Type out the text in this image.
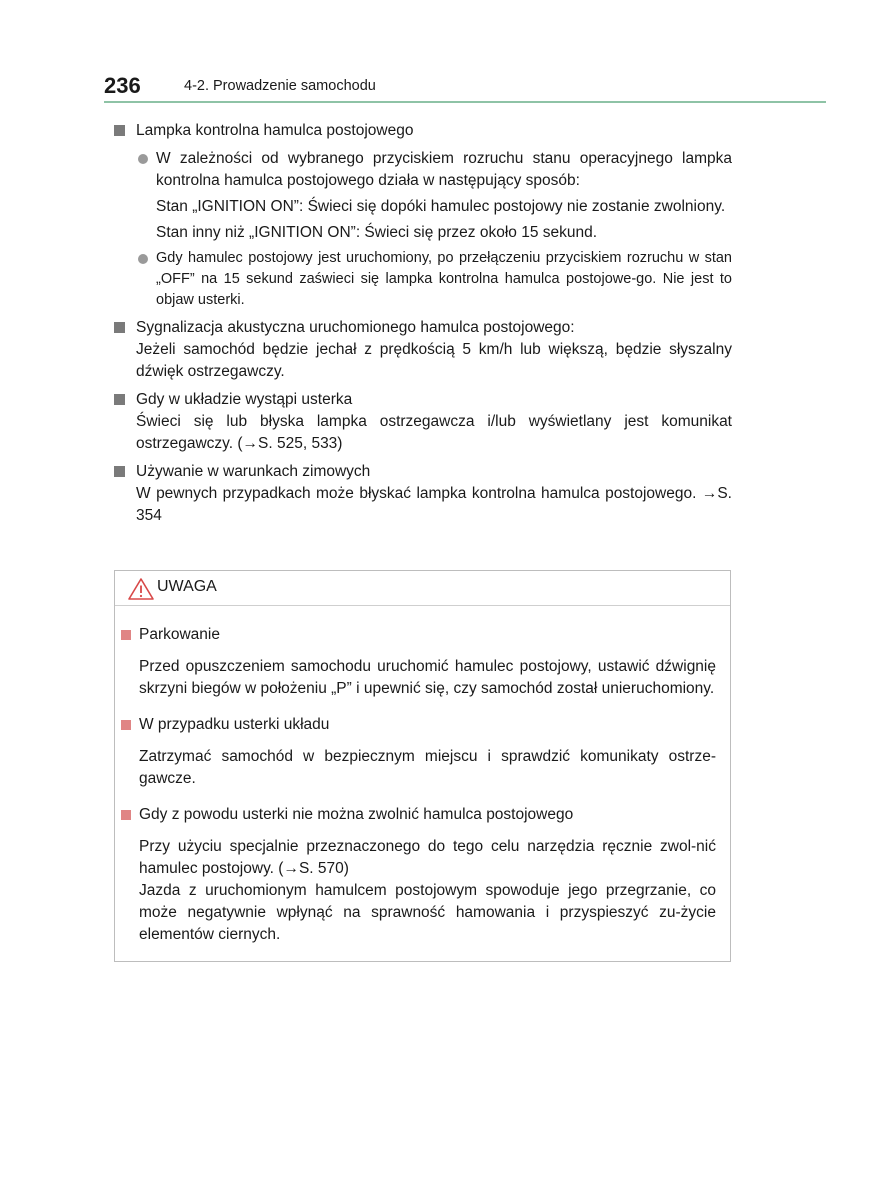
236	4-2. Prowadzenie samochodu
Lampka kontrolna hamulca postojowego
W zależności od wybranego przyciskiem rozruchu stanu operacyjnego lampka kontrolna hamulca postojowego działa w następujący sposób:
Stan „IGNITION ON”: Świeci się dopóki hamulec postojowy nie zostanie zwolniony.
Stan inny niż „IGNITION ON”: Świeci się przez około 15 sekund.
Gdy hamulec postojowy jest uruchomiony, po przełączeniu przyciskiem rozruchu w stan „OFF” na 15 sekund zaświeci się lampka kontrolna hamulca postojowe-go. Nie jest to objaw usterki.
Sygnalizacja akustyczna uruchomionego hamulca postojowego:
Jeżeli samochód będzie jechał z prędkością 5 km/h lub większą, będzie słyszalny dźwięk ostrzegawczy.
Gdy w układzie wystąpi usterka
Świeci się lub błyska lampka ostrzegawcza i/lub wyświetlany jest komunikat ostrzegawczy. (→S. 525, 533)
Używanie w warunkach zimowych
W pewnych przypadkach może błyskać lampka kontrolna hamulca postojowego. →S. 354
UWAGA
Parkowanie
Przed opuszczeniem samochodu uruchomić hamulec postojowy, ustawić dźwignię skrzyni biegów w położeniu „P” i upewnić się, czy samochód został unieruchomiony.
W przypadku usterki układu
Zatrzymać samochód w bezpiecznym miejscu i sprawdzić komunikaty ostrze-gawcze.
Gdy z powodu usterki nie można zwolnić hamulca postojowego
Przy użyciu specjalnie przeznaczonego do tego celu narzędzia ręcznie zwol-nić hamulec postojowy. (→S. 570)
Jazda z uruchomionym hamulcem postojowym spowoduje jego przegrzanie, co może negatywnie wpłynąć na sprawność hamowania i przyspieszyć zu-życie elementów ciernych.
